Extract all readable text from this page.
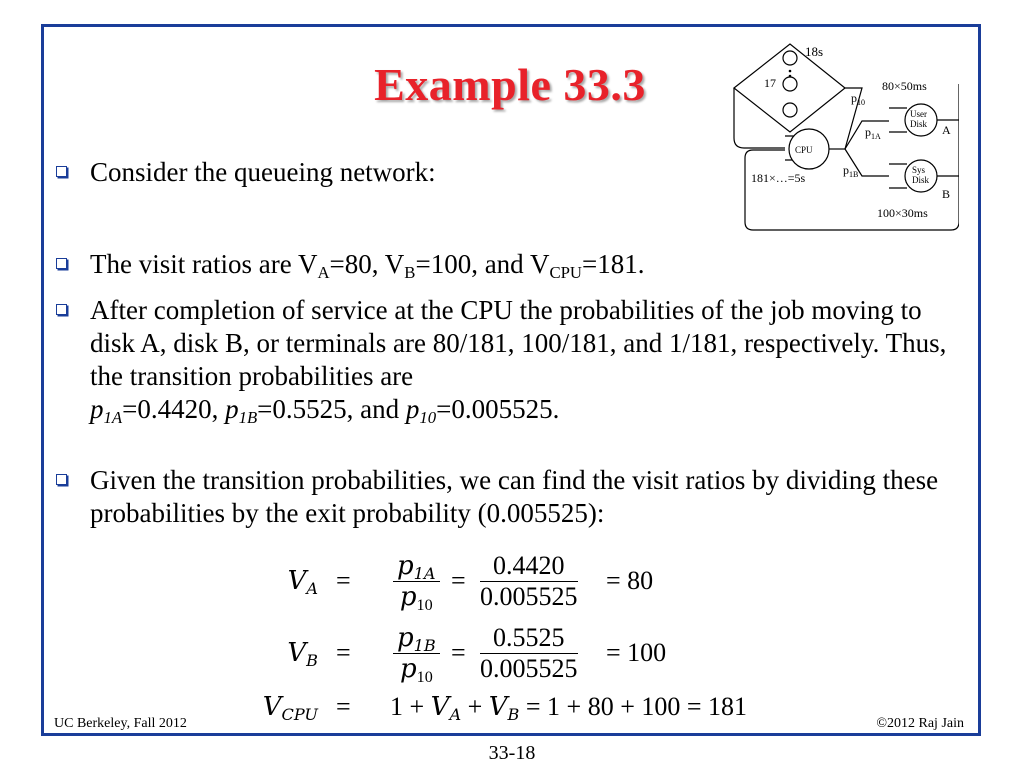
Example 33.3
18s
17
CPU
181×…=5s
User
Disk A
80×50ms
Sys
Disk
B
100×30ms
$p_{10}$
$p_{1A}$
$p_{1B}$
Consider the queueing network:
The visit ratios are $V_A=80$, $V_B=100$, and $V_{CPU}=181$.
After completion of service at the CPU the probabilities of the job moving to disk A, disk B, or terminals are 80/181, 100/181, and 1/181, respectively. Thus, the transition probabilities are
$p_{1A}=0.4420$, $p_{1B}=0.5525$, and $p_{10}=0.005525$.
Given the transition probabilities, we can find the visit ratios by dividing these probabilities by the exit probability (0.005525):
$V_A = \frac{p_{1A}}{p_{10}} = \frac{0.4420}{0.005525} = 80$
$V_B = \frac{p_{1B}}{p_{10}} = \frac{0.5525}{0.005525} = 100$
$V_{CPU} = 1 + V_A + V_B = 1 + 80 + 100 = 181$
UC Berkeley, Fall 2012	©2012 Raj Jain
33-18
